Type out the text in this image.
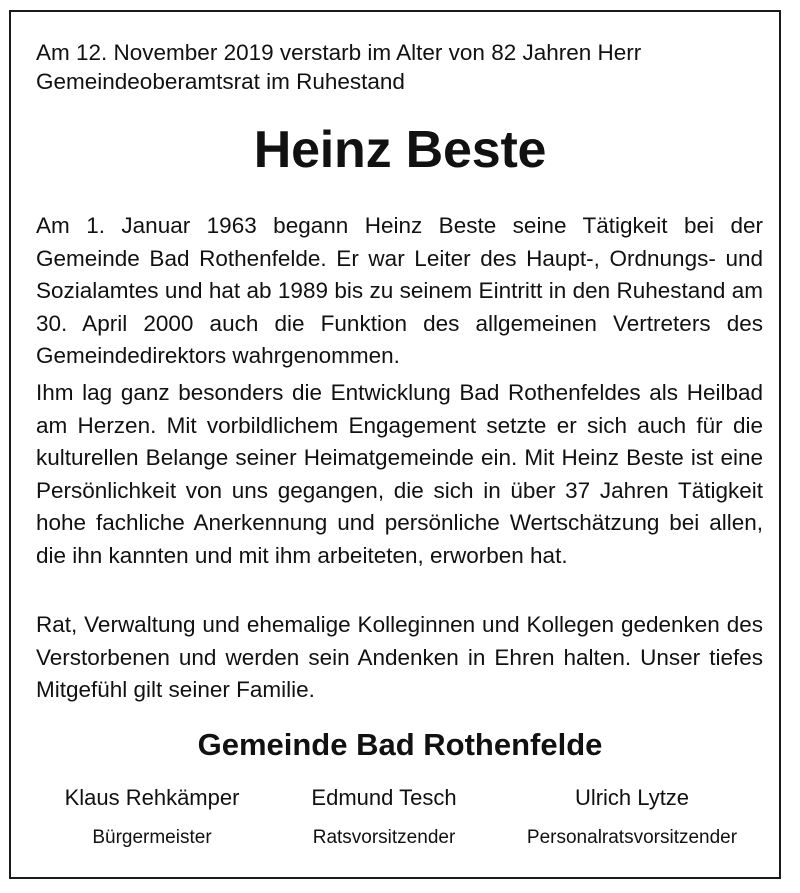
Am 12. November 2019 verstarb im Alter von 82 Jahren Herr
Gemeindeoberamtsrat im Ruhestand
Heinz Beste
Am 1. Januar 1963 begann Heinz Beste seine Tätigkeit bei der Gemeinde Bad Rothenfelde. Er war Leiter des Haupt-, Ordnungs- und Sozialamtes und hat ab 1989 bis zu seinem Eintritt in den Ruhestand am 30. April 2000 auch die Funktion des allgemeinen Vertreters des Gemeindedirektors wahrgenommen.
Ihm lag ganz besonders die Entwicklung Bad Rothenfeldes als Heilbad am Herzen. Mit vorbildlichem Engagement setzte er sich auch für die kulturellen Belange seiner Heimatgemeinde ein. Mit Heinz Beste ist eine Persönlichkeit von uns gegangen, die sich in über 37 Jahren Tätigkeit hohe fachliche Anerkennung und persönliche Wertschätzung bei allen, die ihn kannten und mit ihm arbeiteten, erworben hat.
Rat, Verwaltung und ehemalige Kolleginnen und Kollegen gedenken des Verstorbenen und werden sein Andenken in Ehren halten. Unser tiefes Mitgefühl gilt seiner Familie.
Gemeinde Bad Rothenfelde
Klaus Rehkämper
Bürgermeister
Edmund Tesch
Ratsvorsitzender
Ulrich Lytze
Personalratsvorsitzender
